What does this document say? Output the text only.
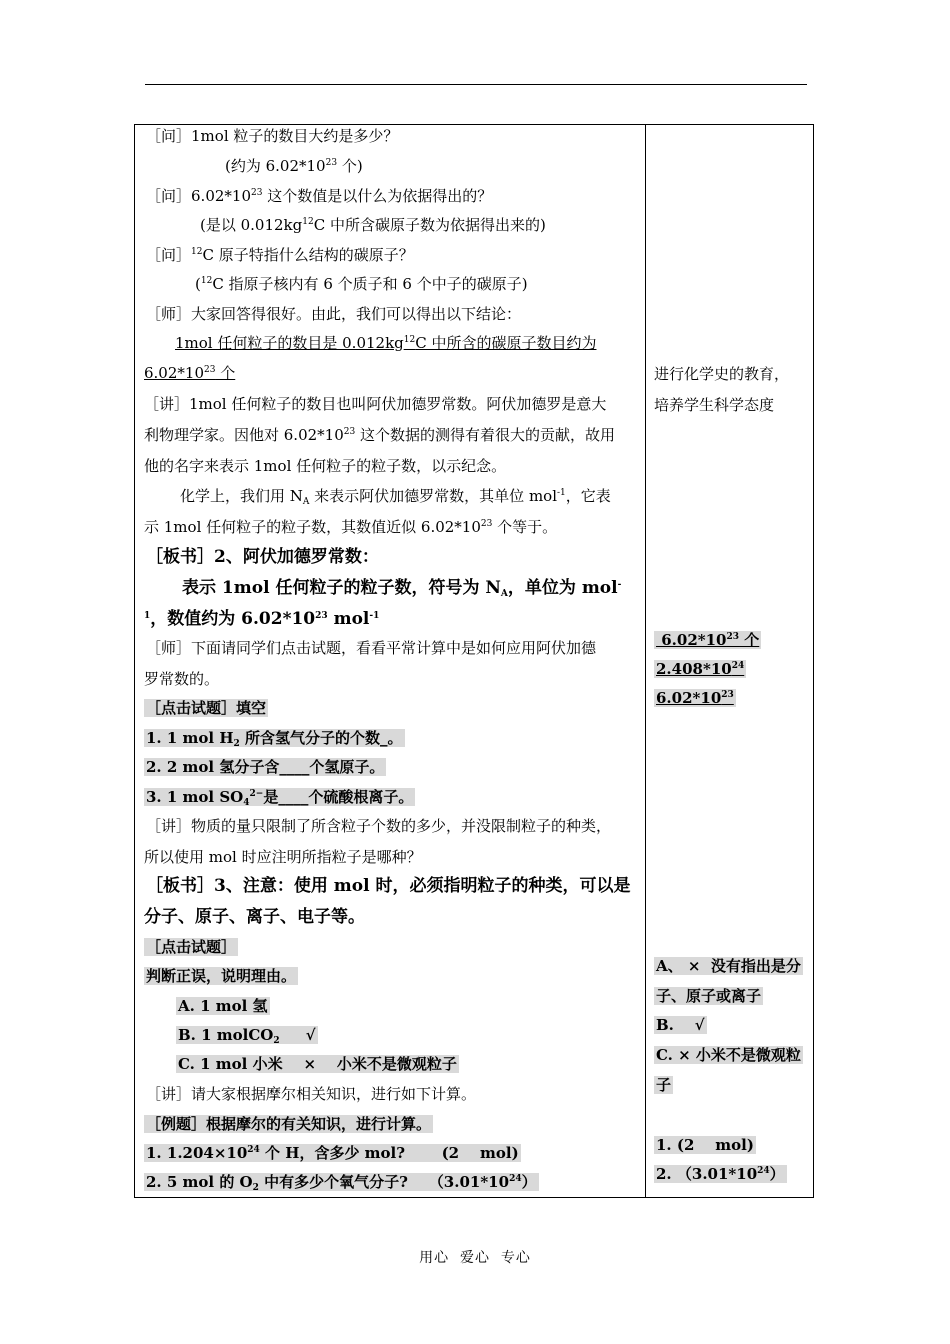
［问］1mol 粒子的数目大约是多少？
(约为 $6.02*10^{23}$ 个)
［问$]6.02*10^{23}$ 这个数值是以什么为依据得出的？
(是以 $0.012kg^{12}C$ 中所含碳原子数为依据得出来的)
［问］$^{12}$C 原子特指什么结构的碳原子？
($^{12}$C 指原子核内有 6 个质子和 6 个中子的碳原子)
［师］大家回答得很好。由此，我们可以得出以下结论：
1mol 任何粒子的数目是 $0.012kg^{12}C$ 中所含的碳原子数目约为
$6.02*10^{23}$ 个
［讲］1mol 任何粒子的数目也叫阿伏加德罗常数。阿伏加德罗是意大
利物理学家。因他对 $6.02*10^{23}$ 这个数据的测得有着很大的贡献，故用
他的名字来表示 1mol 任何粒子的粒子数，以示纪念。
化学上，我们用 $N_A$ 来表示阿伏加德罗常数，其单位 mol$^{-1}$，它表
示 1mol 任何粒子的粒子数，其数值近似 $6.02*10^{23}$ 个等于。
［板书］2、阿伏加德罗常数：
表示 1mol 任何粒子的粒子数，符号为 $N_A$，单位为 mol-
$^1$，数值约为 $6.02*10^{23}$ mol$^{-1}$
［师］下面请同学们点击试题，看看平常计算中是如何应用阿伏加德
罗常数的。
［点击试题］填空
1. 1 mol $H_2$ 所含氢气分子的个数_。
2. 2 mol 氢分子含____个氢原子。
3. 1 mol $SO_4^{2-}$是____个硫酸根离子。
［讲］物质的量只限制了所含粒子个数的多少，并没限制粒子的种类，
所以使用 mol 时应注明所指粒子是哪种？
［板书］3、注意：使用 mol 时，必须指明粒子的种类，可以是
分子、原子、离子、电子等。
［点击试题］
判断正误，说明理由。
A. 1 mol 氢
B. 1 molCO$_2$     √
C. 1 mol 小米    ×    小米不是微观粒子
［讲］请大家根据摩尔相关知识，进行如下计算。
［例题］根据摩尔的有关知识，进行计算。
1. $1.204\times 10^{24}$ 个 H，含多少 mol?       (2    mol)
2. 5 mol 的 $O_2$ 中有多少个氧气分子?    $(3.01*10^{24})$
进行化学史的教育，
培养学生科学态度
$6.02*10^{23}$ 个
$2.408*10^{24}$
$6.02*10^{23}$
A、 ×  没有指出是分
子、原子或离子
B.    √
C. × 小米不是微观粒
子
1. (2    mol)
2. $(3.01*10^{24})$
用心  爱心  专心
